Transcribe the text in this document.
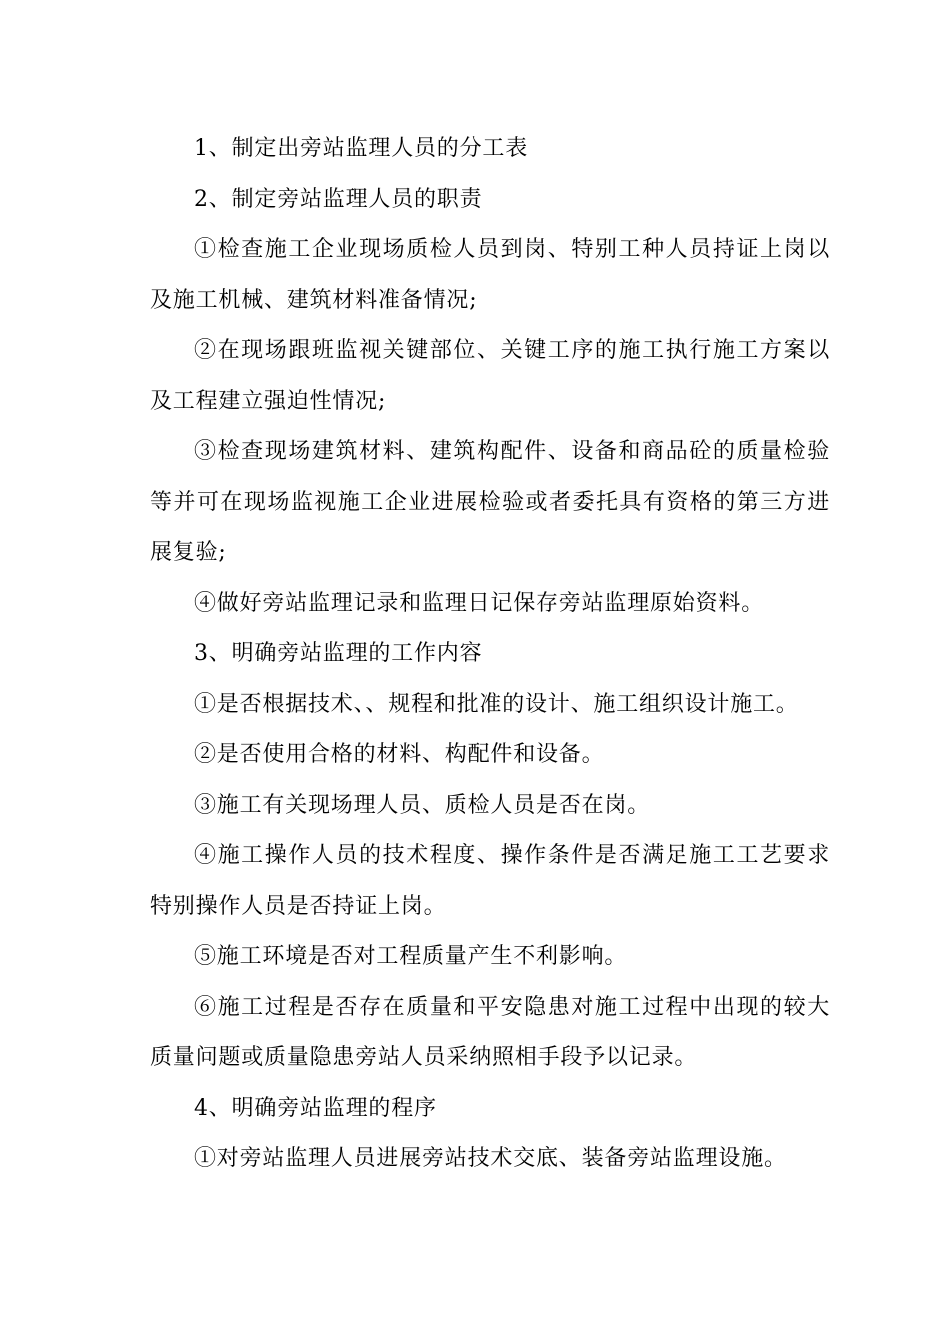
1、制定出旁站监理人员的分工表

2、制定旁站监理人员的职责

①检查施工企业现场质检人员到岗、特别工种人员持证上岗以及施工机械、建筑材料准备情况;

②在现场跟班监视关键部位、关键工序的施工执行施工方案以及工程建立强迫性情况;

③检查现场建筑材料、建筑构配件、设备和商品砼的质量检验等并可在现场监视施工企业进展检验或者委托具有资格的第三方进展复验;

④做好旁站监理记录和监理日记保存旁站监理原始资料。

3、明确旁站监理的工作内容

①是否根据技术、、规程和批准的设计、施工组织设计施工。

②是否使用合格的材料、构配件和设备。

③施工有关现场理人员、质检人员是否在岗。

④施工操作人员的技术程度、操作条件是否满足施工工艺要求特别操作人员是否持证上岗。

⑤施工环境是否对工程质量产生不利影响。

⑥施工过程是否存在质量和平安隐患对施工过程中出现的较大质量问题或质量隐患旁站人员采纳照相手段予以记录。

4、明确旁站监理的程序

①对旁站监理人员进展旁站技术交底、装备旁站监理设施。
